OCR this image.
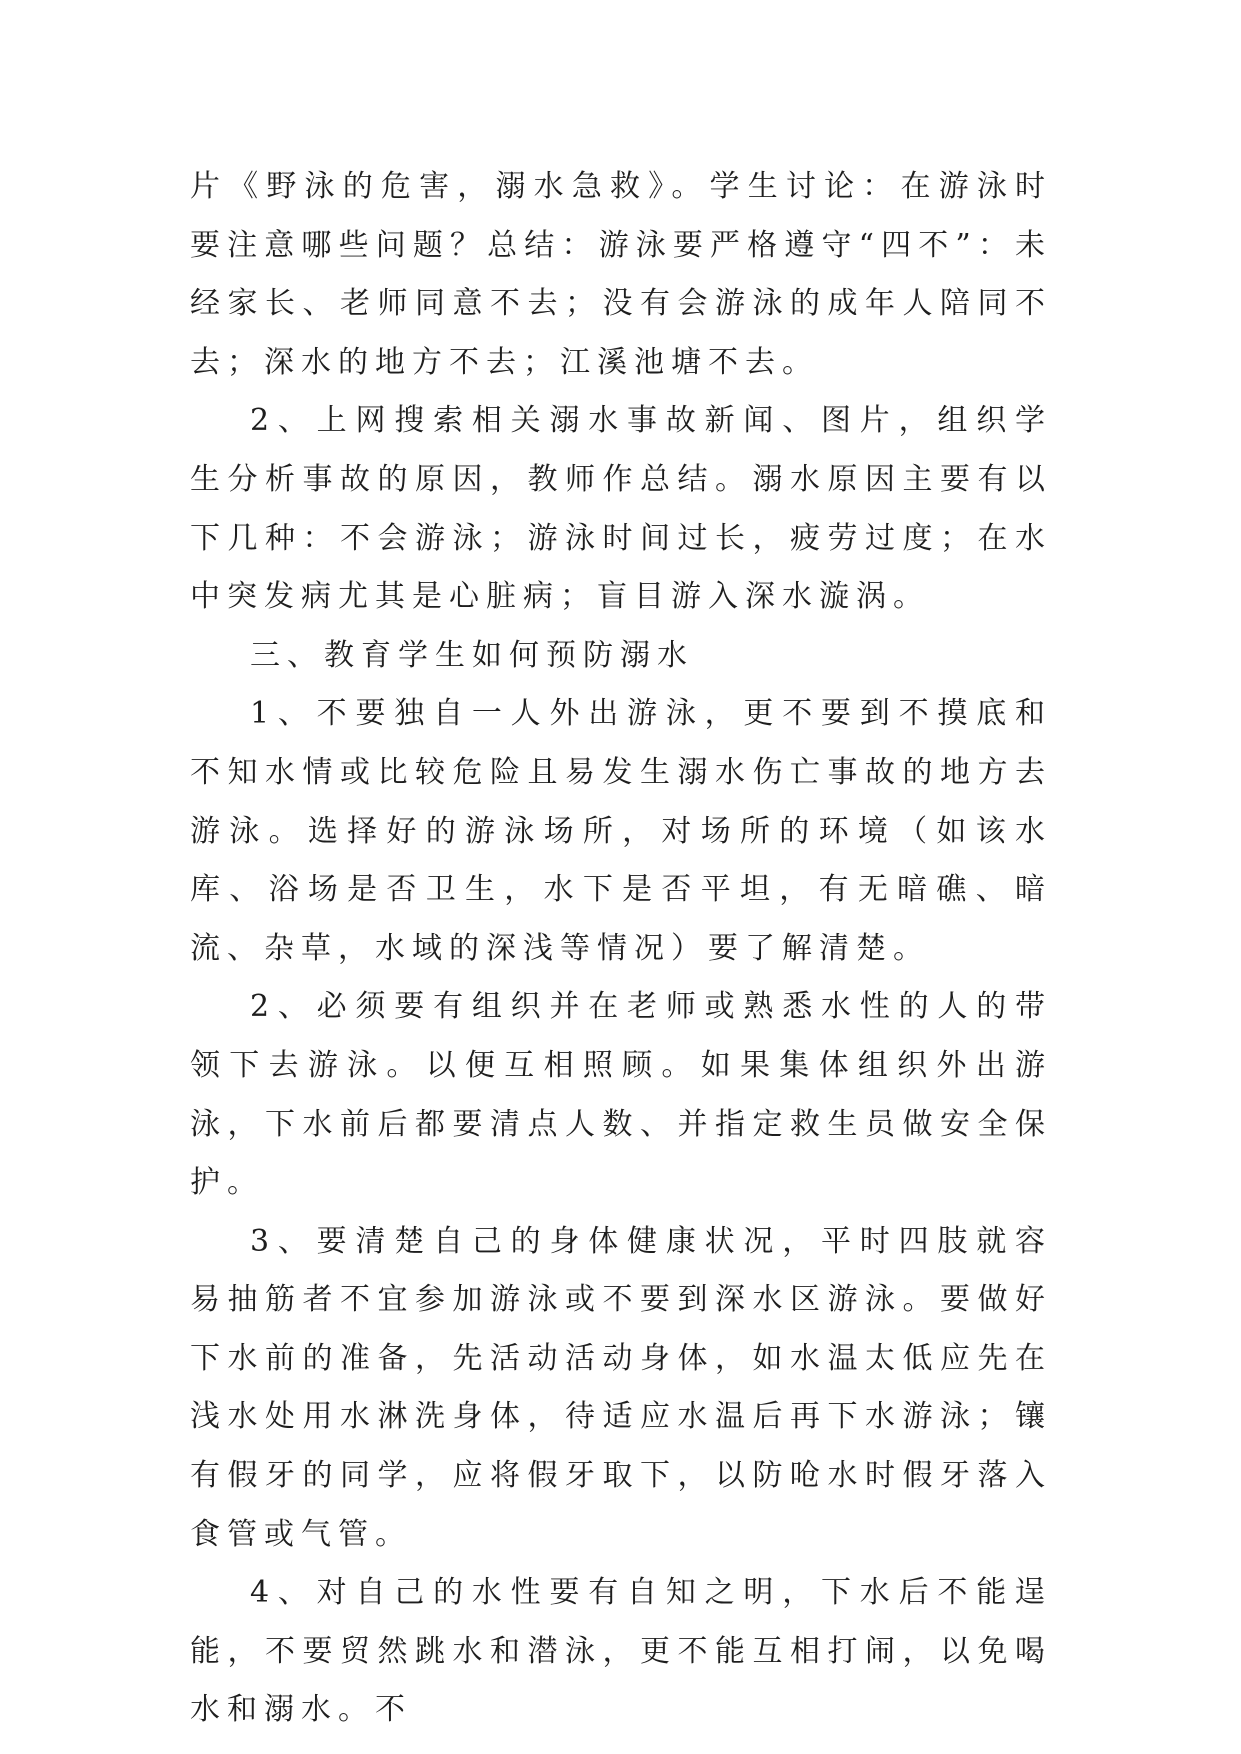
片《野泳的危害，溺水急救》。学生讨论：在游泳时要注意哪些问题？总结：游泳要严格遵守“四不”：未经家长、老师同意不去；没有会游泳的成年人陪同不去；深水的地方不去；江溪池塘不去。

2、上网搜索相关溺水事故新闻、图片，组织学生分析事故的原因，教师作总结。溺水原因主要有以下几种：不会游泳；游泳时间过长，疲劳过度；在水中突发病尤其是心脏病；盲目游入深水漩涡。

三、教育学生如何预防溺水

1、不要独自一人外出游泳，更不要到不摸底和不知水情或比较危险且易发生溺水伤亡事故的地方去游泳。选择好的游泳场所，对场所的环境（如该水库、浴场是否卫生，水下是否平坦，有无暗礁、暗流、杂草，水域的深浅等情况）要了解清楚。

2、必须要有组织并在老师或熟悉水性的人的带领下去游泳。以便互相照顾。如果集体组织外出游泳，下水前后都要清点人数、并指定救生员做安全保护。

3、要清楚自己的身体健康状况，平时四肢就容易抽筋者不宜参加游泳或不要到深水区游泳。要做好下水前的准备，先活动活动身体，如水温太低应先在浅水处用水淋洗身体，待适应水温后再下水游泳；镶有假牙的同学，应将假牙取下，以防呛水时假牙落入食管或气管。

4、对自己的水性要有自知之明，下水后不能逞能，不要贸然跳水和潜泳，更不能互相打闹，以免喝水和溺水。不
